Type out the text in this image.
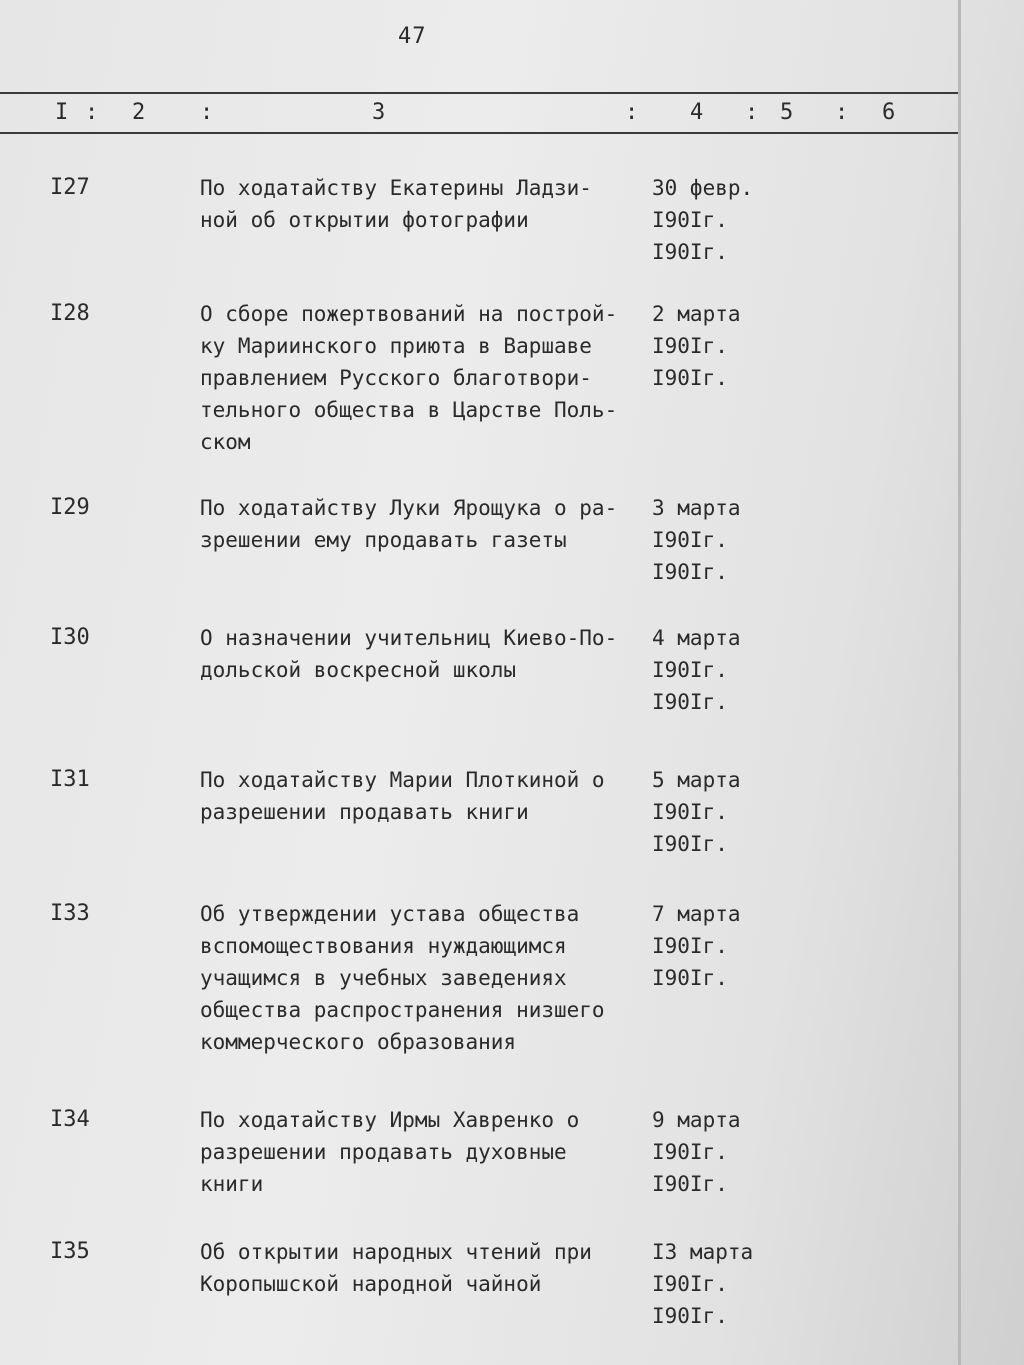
47
I : 2 :	3	: 4 : 5 : 6
I27	По ходатайству Екатерины Ладзи-
ной об открытии фотографии
30 февр.
I90Iг.
I90Iг.
I28	О сборе пожертвований на построй-
ку Мариинского приюта в Варшаве
правлением Русского благотвори-
тельного общества в Царстве Поль-
ском
2 марта
I90Iг.
I90Iг.
I29	По ходатайству Луки Ярощука о ра-
зрешении ему продавать газеты
3 марта
I90Iг.
I90Iг.
I30	О назначении учительниц Киево-По-
дольской воскресной школы
4 марта
I90Iг.
I90Iг.
I31	По ходатайству Марии Плоткиной о
разрешении продавать книги
5 марта
I90Iг.
I90Iг.
I33	Об утверждении устава общества
вспомоществования нуждающимся
учащимся в учебных заведениях
общества распространения низшего
коммерческого образования
7 марта
I90Iг.
I90Iг.
I34	По ходатайству Ирмы Хавренко о
разрешении продавать духовные
книги
9 марта
I90Iг.
I90Iг.
I35	Об открытии народных чтений при
Коропышской народной чайной
I3 марта
I90Iг.
I90Iг.
